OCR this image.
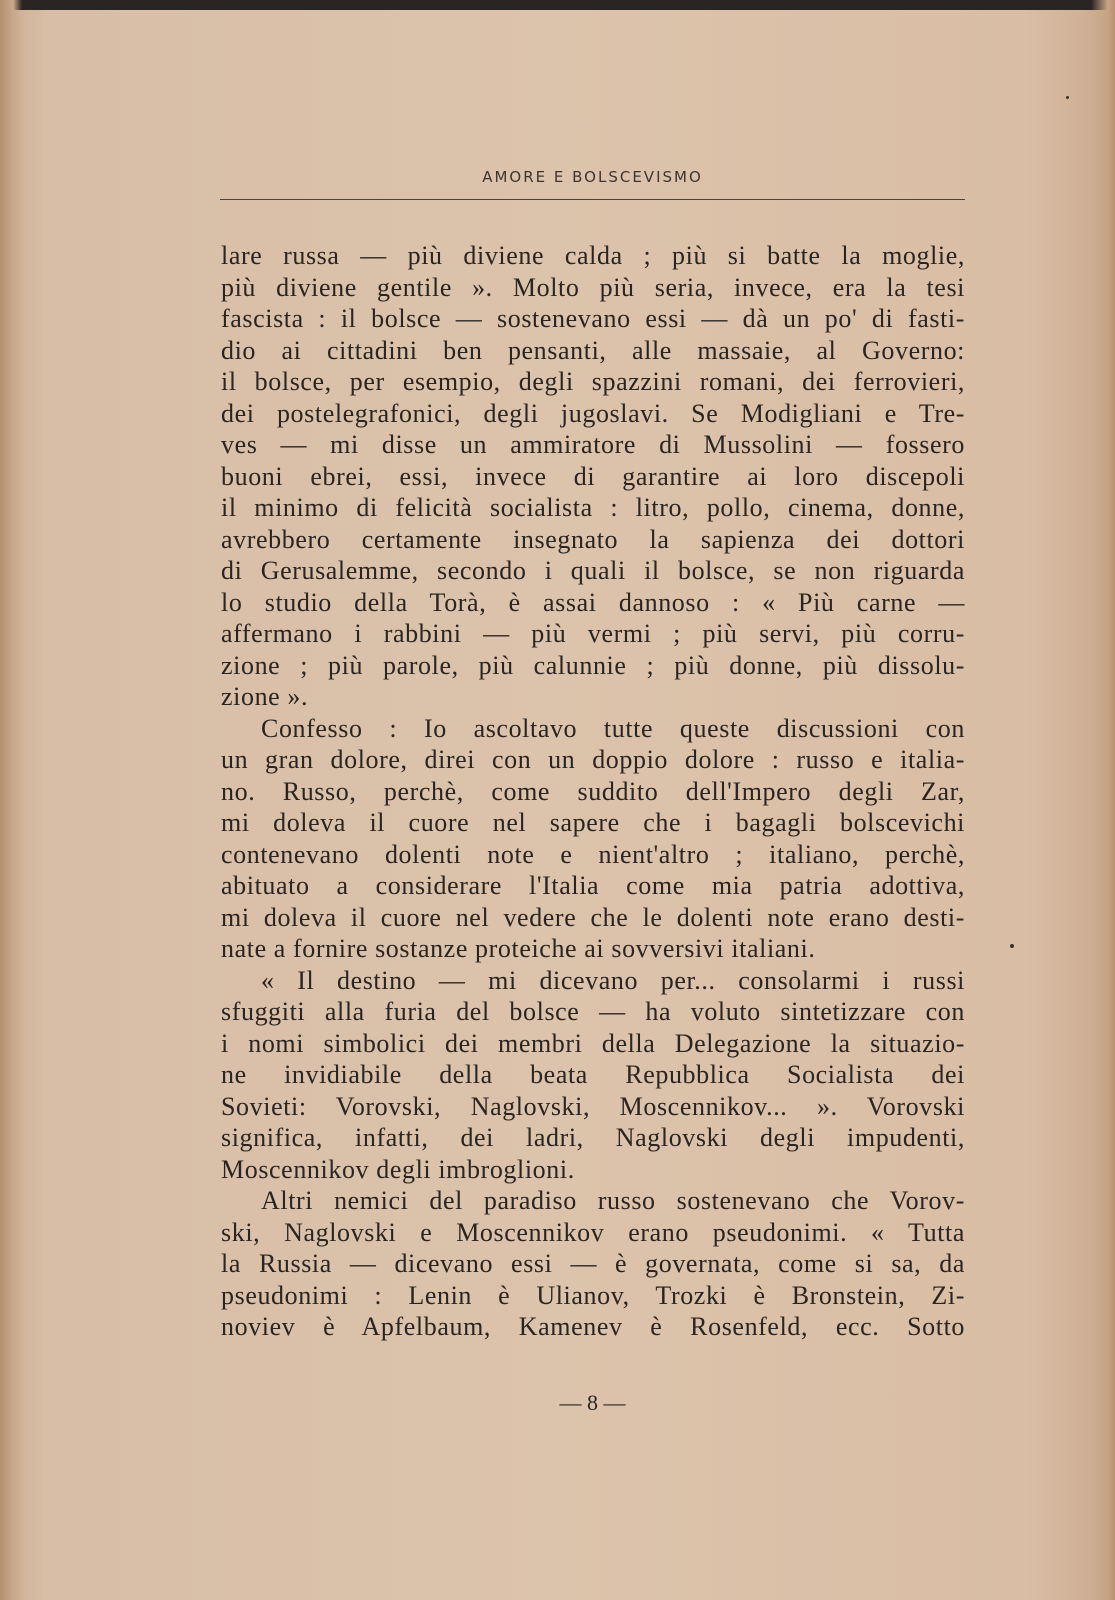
AMORE E BOLSCEVISMO
lare russa — più diviene calda ; più si batte la moglie,
più diviene gentile ». Molto più seria, invece, era la tesi
fascista : il bolsce — sostenevano essi — dà un po' di fasti-
dio ai cittadini ben pensanti, alle massaie, al Governo:
il bolsce, per esempio, degli spazzini romani, dei ferrovieri,
dei postelegrafonici, degli jugoslavi. Se Modigliani e Tre-
ves — mi disse un ammiratore di Mussolini — fossero
buoni ebrei, essi, invece di garantire ai loro discepoli
il minimo di felicità socialista : litro, pollo, cinema, donne,
avrebbero certamente insegnato la sapienza dei dottori
di Gerusalemme, secondo i quali il bolsce, se non riguarda
lo studio della Torà, è assai dannoso : « Più carne —
affermano i rabbini — più vermi ; più servi, più corru-
zione ; più parole, più calunnie ; più donne, più dissolu-
zione ».
Confesso : Io ascoltavo tutte queste discussioni con
un gran dolore, direi con un doppio dolore : russo e italia-
no. Russo, perchè, come suddito dell'Impero degli Zar,
mi doleva il cuore nel sapere che i bagagli bolscevichi
contenevano dolenti note e nient'altro ; italiano, perchè,
abituato a considerare l'Italia come mia patria adottiva,
mi doleva il cuore nel vedere che le dolenti note erano desti-
nate a fornire sostanze proteiche ai sovversivi italiani.
« Il destino — mi dicevano per... consolarmi i russi
sfuggiti alla furia del bolsce — ha voluto sintetizzare con
i nomi simbolici dei membri della Delegazione la situazio-
ne invidiabile della beata Repubblica Socialista dei
Sovieti: Vorovski, Naglovski, Moscennikov... ». Vorovski
significa, infatti, dei ladri, Naglovski degli impudenti,
Moscennikov degli imbroglioni.
Altri nemici del paradiso russo sostenevano che Vorov-
ski, Naglovski e Moscennikov erano pseudonimi. « Tutta
la Russia — dicevano essi — è governata, come si sa, da
pseudonimi : Lenin è Ulianov, Trozki è Bronstein, Zi-
noviev è Apfelbaum, Kamenev è Rosenfeld, ecc. Sotto
— 8 —
